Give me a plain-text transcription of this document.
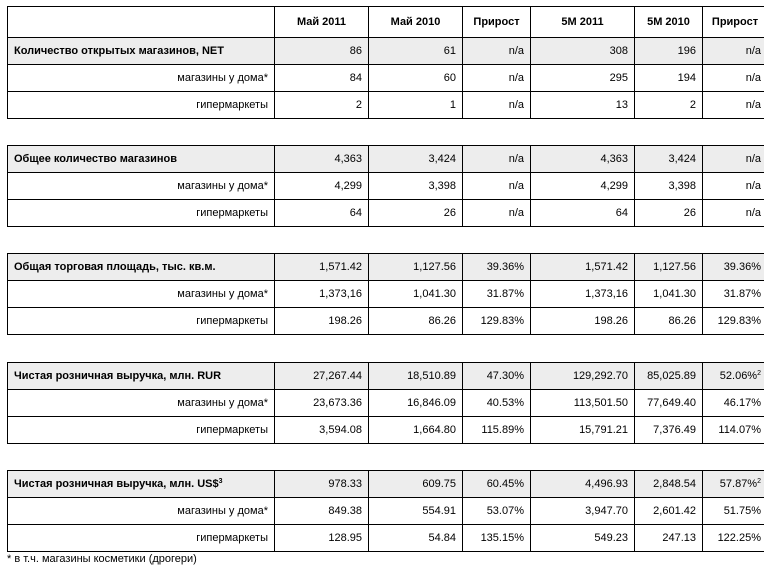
	Май 2011	Май 2010	Прирост	5M 2011	5M 2010	Прирост
Количество открытых магазинов, NET	86	61	n/a	308	196	n/a
магазины у дома*	84	60	n/a	295	194	n/a
гипермаркеты	2	1	n/a	13	2	n/a
Общее количество магазинов	4,363	3,424	n/a	4,363	3,424	n/a
магазины у дома*	4,299	3,398	n/a	4,299	3,398	n/a
гипермаркеты	64	26	n/a	64	26	n/a
Общая торговая площадь, тыс. кв.м.	1,571.42	1,127.56	39.36%	1,571.42	1,127.56	39.36%
магазины у дома*	1,373,16	1,041.30	31.87%	1,373,16	1,041.30	31.87%
гипермаркеты	198.26	86.26	129.83%	198.26	86.26	129.83%
Чистая розничная выручка, млн. RUR	27,267.44	18,510.89	47.30%	129,292.70	85,025.89	52.06%$^2$
магазины у дома*	23,673.36	16,846.09	40.53%	113,501.50	77,649.40	46.17%
гипермаркеты	3,594.08	1,664.80	115.89%	15,791.21	7,376.49	114.07%
Чистая розничная выручка, млн. US\$$^3$	978.33	609.75	60.45%	4,496.93	2,848.54	57.87%$^2$
магазины у дома*	849.38	554.91	53.07%	3,947.70	2,601.42	51.75%
гипермаркеты	128.95	54.84	135.15%	549.23	247.13	122.25%
* в т.ч. магазины косметики (дрогери)
